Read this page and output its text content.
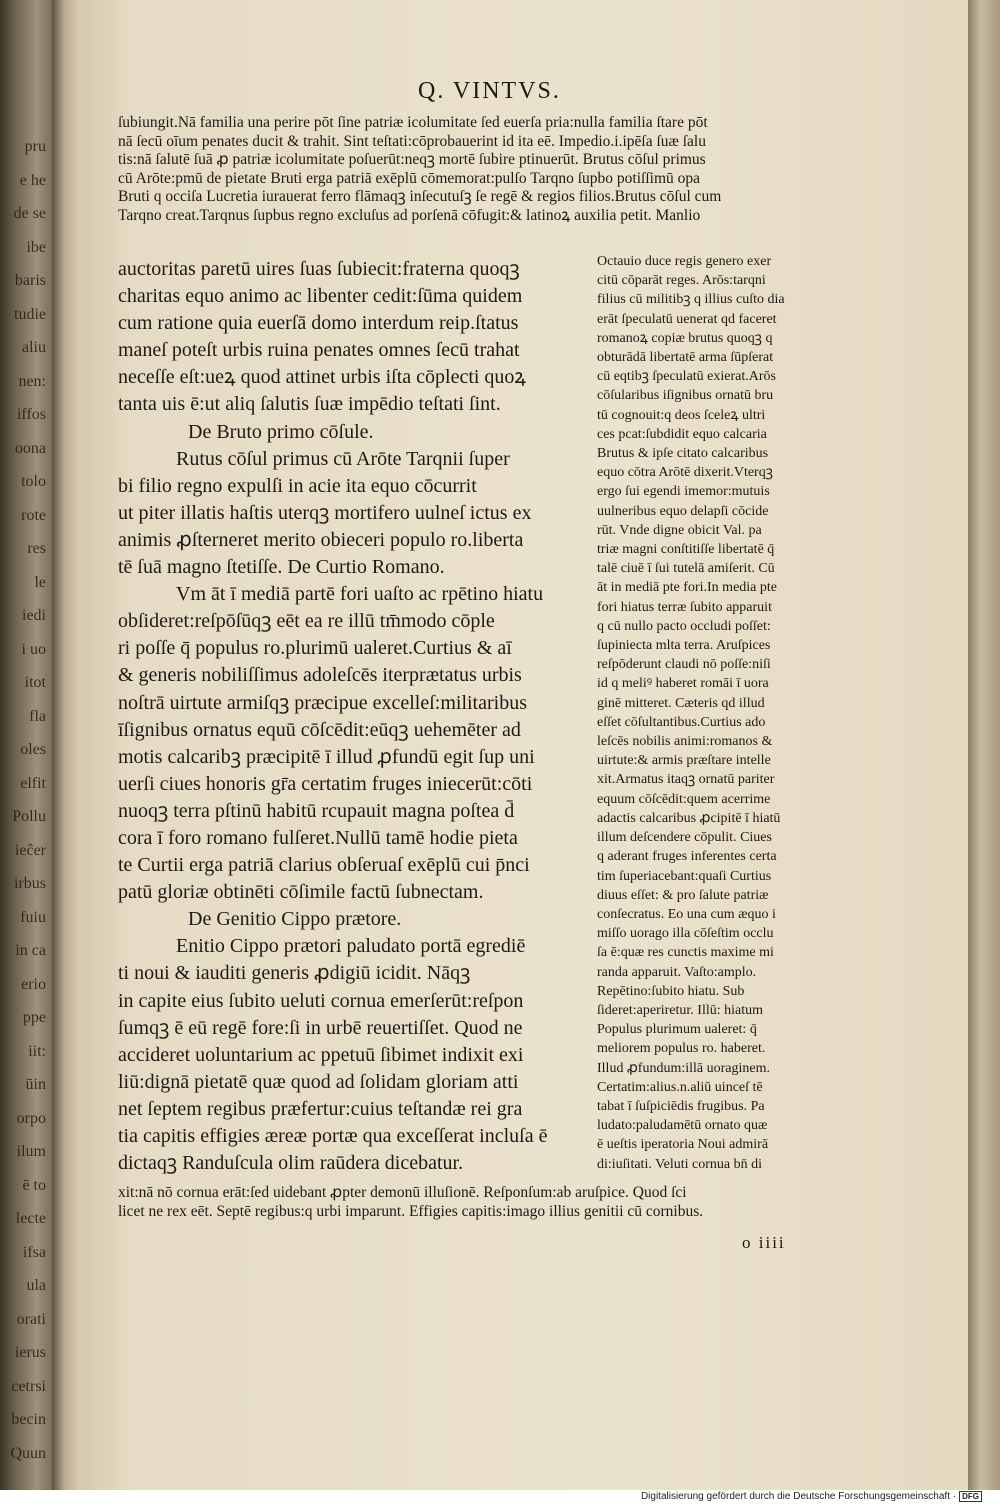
pru
e he
de se
ibe
baris
tudie
aliu
nen:
iffos
oona
tolo
rote
res
le
iedi
i uo
itot
fla
oles
elfit
Pollu
ieĉer
irbus
fuiu
in ca
erio
ppe
iit:
ūin
orpo
ilum
ē to
lecte
ifsa
ula
orati
ierus
cetrsi
becin
Quun
Q. VINTVS.
ſubiungit.Nā familia una perire pōt ſine patriæ icolumitate ſed euerſa pria:nulla familia ſtare pōt
nā ſecū oīum penates ducit & trahit. Sint teſtati:cōprobauerint id ita eē. Impedio.i.ipēſa ſuæ ſalu
tis:nā ſalutē ſuā ꝓ patriæ icolumitate poſuerūt:neqꝫ mortē ſubire ptinuerūt. Brutus cōſul primus
cū Arōte:pmū de pietate Bruti erga patriā exēplū cōmemorat:pulſo Tarqno ſupbo potiſſimū opa
Bruti q occiſa Lucretia iurauerat ferro flāmaqꝫ inſecutuſꝫ ſe regē & regios filios.Brutus cōſul cum
Tarqno creat.Tarqnus ſupbus regno excluſus ad porſenā cōfugit:& latinoꝝ auxilia petit. Manlio
auctoritas paretū uires ſuas ſubiecit:fraterna quoqꝫ
charitas equo animo ac libenter cedit:ſūma quidem
cum ratione quia euerſā domo interdum reip.ſtatus
maneſ poteſt urbis ruina penates omnes ſecū trahat
neceſſe eſt:ueꝝ quod attinet urbis iſta cōplecti quoꝝ
tanta uis ē:ut aliq ſalutis ſuæ impēdio teſtati ſint.
De Bruto primo cōſule.
Rutus cōſul primus cū Arōte Tarqnii ſuper
bi filio regno expulſi in acie ita equo cōcurrit
ut piter illatis haſtis uterqꝫ mortifero uulneſ ictus ex
animis ꝓſterneret merito obieceri populo ro.liberta
tē ſuā magno ſtetiſſe. De Curtio Romano.
Vm āt ī mediā partē fori uaſto ac rpētino hiatu
obſideret:reſpōſūqꝫ eēt ea re illū tm̄modo cōple
ri poſſe q̄ populus ro.plurimū ualeret.Curtius & aī
& generis nobiliſſimus adoleſcēs iterprætatus urbis
noſtrā uirtute armiſqꝫ præcipue excelleſ:militaribus
īſignibus ornatus equū cōſcēdit:eūqꝫ uehemēter ad
motis calcaribꝫ præcipitē ī illud ꝓfundū egit ſup uni
uerſi ciues honoris gr̄a certatim fruges iniecerūt:cōti
nuoqꝫ terra pſtinū habitū rcupauit magna poſtea d̄
cora ī foro romano fulſeret.Nullū tamē hodie pieta
te Curtii erga patriā clarius obſeruaſ exēplū cui p̄nci
patū gloriæ obtinēti cōſimile factū ſubnectam.
De Genitio Cippo prætore.
Enitio Cippo prætori paludato portā egrediē
ti noui & iauditi generis ꝓdigiū icidit. Nāqꝫ
in capite eius ſubito ueluti cornua emerſerūt:reſpon
ſumqꝫ ē eū regē fore:ſi in urbē reuertiſſet. Quod ne
accideret uoluntarium ac ppetuū ſibimet indixit exi
liū:dignā pietatē quæ quod ad ſolidam gloriam atti
net ſeptem regibus præfertur:cuius teſtandæ rei gra
tia capitis effigies æreæ portæ qua exceſſerat incluſa ē
dictaqꝫ Randuſcula olim raūdera dicebatur.
Octauio duce regis genero exer
citū cōparāt reges. Arōs:tarqni
filius cū militibꝫ q illius cuſto dia
erāt ſpeculatū uenerat qd faceret
romanoꝝ copiæ brutus quoqꝫ q
obturādā libertatē arma ſūpſerat
cū eqtibꝫ ſpeculatū exierat.Arōs
cōſularibus iſignibus ornatū bru
tū cognouit:q deos ſceleꝝ ultri
ces pcat:ſubdidit equo calcaria
Brutus & ipſe citato calcaribus
equo cōtra Arōtē dixerit.Vterqꝫ
ergo ſui egendi imemor:mutuis
uulneribus equo delapſi cōcide
rūt. Vnde digne obicit Val. pa
triæ magni conſtitiſſe libertatē q̄
talē ciuē ī ſui tutelā amiſerit. Cū
āt in mediā pte fori.In media pte
fori hiatus terræ ſubito apparuit
q cū nullo pacto occludi poſſet:
ſupiniecta mlta terra. Aruſpices
reſpōderunt claudi nō poſſe:niſi
id q meliꝰ haberet romāi ī uora
ginē mitteret. Cæteris qd illud
eſſet cōſultantibus.Curtius ado
leſcēs nobilis animi:romanos &
uirtute:& armis præſtare intelle
xit.Armatus itaqꝫ ornatū pariter
equum cōſcēdit:quem acerrime
adactis calcaribus ꝓcipitē ī hiatū
illum deſcendere cōpulit. Ciues
q aderant fruges inferentes certa
tim ſuperiacebant:quaſi Curtius
diuus eſſet: & pro ſalute patriæ
conſecratus. Eo una cum æquo i
miſſo uorago illa cōſeſtim occlu
ſa ē:quæ res cunctis maxime mi
randa apparuit. Vaſto:amplo.
Repētino:ſubito hiatu. Sub
ſideret:aperiretur. Illū: hiatum
Populus plurimum ualeret: q̄
meliorem populus ro. haberet.
Illud ꝓfundum:illā uoraginem.
Certatim:alius.n.aliū uinceſ tē
tabat ī ſuſpiciēdis frugibus. Pa
ludato:paludamētū ornato quæ
ē ueſtis iperatoria Noui admirā
di:iuſitati. Veluti cornua bn̄ di
xit:nā nō cornua erāt:ſed uidebant ꝓpter demonū illuſionē. Reſponſum:ab aruſpice. Quod ſci
licet ne rex eēt. Septē regibus:q urbi imparunt. Effigies capitis:imago illius genitii cū cornibus.
o iiii
Digitalisierung gefördert durch die Deutsche Forschungsgemeinschaft · DFG
